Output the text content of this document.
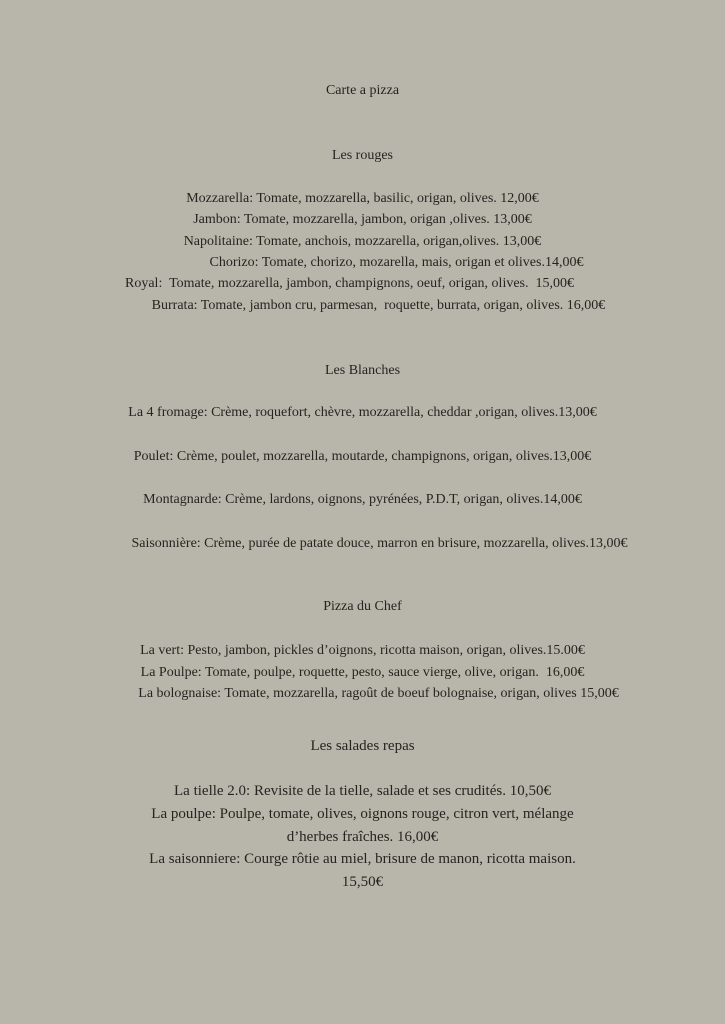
Carte a pizza
Les rouges
Mozzarella: Tomate, mozzarella, basilic, origan, olives. 12,00€
Jambon: Tomate, mozzarella, jambon, origan ,olives. 13,00€
Napolitaine: Tomate, anchois, mozzarella, origan,olives. 13,00€
Chorizo: Tomate, chorizo, mozarella, mais, origan et olives.14,00€
Royal:  Tomate, mozzarella, jambon, champignons, oeuf, origan, olives.  15,00€
Burrata: Tomate, jambon cru, parmesan,  roquette, burrata, origan, olives. 16,00€
Les Blanches
La 4 fromage: Crème, roquefort, chèvre, mozzarella, cheddar ,origan, olives.13,00€
Poulet: Crème, poulet, mozzarella, moutarde, champignons, origan, olives.13,00€
Montagnarde: Crème, lardons, oignons, pyrénées, P.D.T, origan, olives.14,00€
Saisonnière: Crème, purée de patate douce, marron en brisure, mozzarella, olives.13,00€
Pizza du Chef
La vert: Pesto, jambon, pickles d’oignons, ricotta maison, origan, olives.15.00€
La Poulpe: Tomate, poulpe, roquette, pesto, sauce vierge, olive, origan.  16,00€
La bolognaise: Tomate, mozzarella, ragoût de boeuf bolognaise, origan, olives 15,00€
Les salades repas
La tielle 2.0: Revisite de la tielle, salade et ses crudités. 10,50€
La poulpe: Poulpe, tomate, olives, oignons rouge, citron vert, mélange
d’herbes fraîches. 16,00€
La saisonniere: Courge rôtie au miel, brisure de manon, ricotta maison.
15,50€
